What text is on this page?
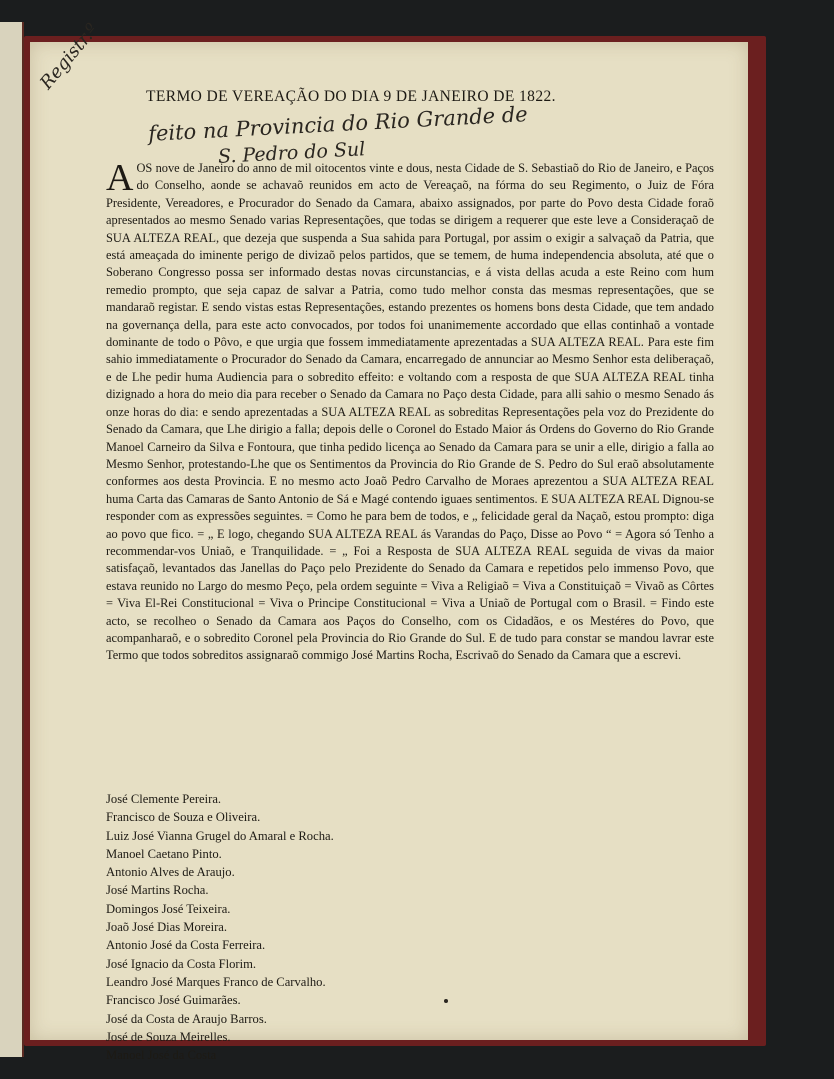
Registr.º
feito na Provincia do Rio Grande de
S. Pedro do Sul
TERMO DE VEREAÇÃO DO DIA 9 DE JANEIRO DE 1822.
A OS nove de Janeiro do anno de mil oitocentos vinte e dous, nesta Cidade de S. Sebastiaõ do Rio de Janeiro, e Paços do Conselho, aonde se achavaõ reunidos em acto de Vereaçaõ, na fórma do seu Regimento, o Juiz de Fóra Presidente, Vereadores, e Procurador do Senado da Camara, abaixo assignados, por parte do Povo desta Cidade foraõ apresentados ao mesmo Senado varias Representações, que todas se dirigem a requerer que este leve a Consideraçaõ de SUA ALTEZA REAL, que dezeja que suspenda a Sua sahida para Portugal, por assim o exigir a salvaçaõ da Patria, que está ameaçada do iminente perigo de divizaõ pelos partidos, que se temem, de huma independencia absoluta, até que o Soberano Congresso possa ser informado destas novas circunstancias, e á vista dellas acuda a este Reino com hum remedio prompto, que seja capaz de salvar a Patria, como tudo melhor consta das mesmas representações, que se mandaraõ registar. E sendo vistas estas Representações, estando prezentes os homens bons desta Cidade, que tem andado na governança della, para este acto convocados, por todos foi unanimemente accordado que ellas continhaõ a vontade dominante de todo o Pôvo, e que urgia que fossem immediatamente aprezentadas a SUA ALTEZA REAL. Para este fim sahio immediatamente o Procurador do Senado da Camara, encarregado de annunciar ao Mesmo Senhor esta deliberaçaõ, e de Lhe pedir huma Audiencia para o sobredito effeito: e voltando com a resposta de que SUA ALTEZA REAL tinha dizignado a hora do meio dia para receber o Senado da Camara no Paço desta Cidade, para alli sahio o mesmo Senado ás onze horas do dia: e sendo aprezentadas a SUA ALTEZA REAL as sobreditas Representações pela voz do Prezidente do Senado da Camara, que Lhe dirigio a falla; depois delle o Coronel do Estado Maior ás Ordens do Governo do Rio Grande Manoel Carneiro da Silva e Fontoura, que tinha pedido licença ao Senado da Camara para se unir a elle, dirigio a falla ao Mesmo Senhor, protestando-Lhe que os Sentimentos da Provincia do Rio Grande de S. Pedro do Sul eraõ absolutamente conformes aos desta Provincia. E no mesmo acto Joaõ Pedro Carvalho de Moraes aprezentou a SUA ALTEZA REAL huma Carta das Camaras de Santo Antonio de Sá e Magé contendo iguaes sentimentos. E SUA ALTEZA REAL Dignou-se responder com as expressões seguintes. = Como he para bem de todos, e „ felicidade geral da Naçaõ, estou prompto: diga ao povo que fico. = „ E logo, chegando SUA ALTEZA REAL ás Varandas do Paço, Disse ao Povo “ = Agora só Tenho a recommendar-vos Uniaõ, e Tranquilidade. = „ Foi a Resposta de SUA ALTEZA REAL seguida de vivas da maior satisfaçaõ, levantados das Janellas do Paço pelo Prezidente do Senado da Camara e repetidos pelo immenso Povo, que estava reunido no Largo do mesmo Peço, pela ordem seguinte = Viva a Religiaõ = Viva a Constituiçaõ = Vivaõ as Côrtes = Viva El-Rei Constitucional = Viva o Principe Constitucional = Viva a Uniaõ de Portugal com o Brasil. = Findo este acto, se recolheo o Senado da Camara aos Paços do Conselho, com os Cidadãos, e os Mestéres do Povo, que acompanharaõ, e o sobredito Coronel pela Provincia do Rio Grande do Sul. E de tudo para constar se mandou lavrar este Termo que todos sobreditos assignaraõ commigo José Martins Rocha, Escrivaõ do Senado da Camara que a escrevi.
José Clemente Pereira.
Francisco de Souza e Oliveira.
Luiz José Vianna Grugel do Amaral e Rocha.
Manoel Caetano Pinto.
Antonio Alves de Araujo.
José Martins Rocha.
Domingos José Teixeira.
Joaõ José Dias Moreira.
Antonio José da Costa Ferreira.
José Ignacio da Costa Florim.
Leandro José Marques Franco de Carvalho.
Francisco José Guimarães.
José da Costa de Araujo Barros.
José de Souza Meirelles.
Manoel José da Costa
